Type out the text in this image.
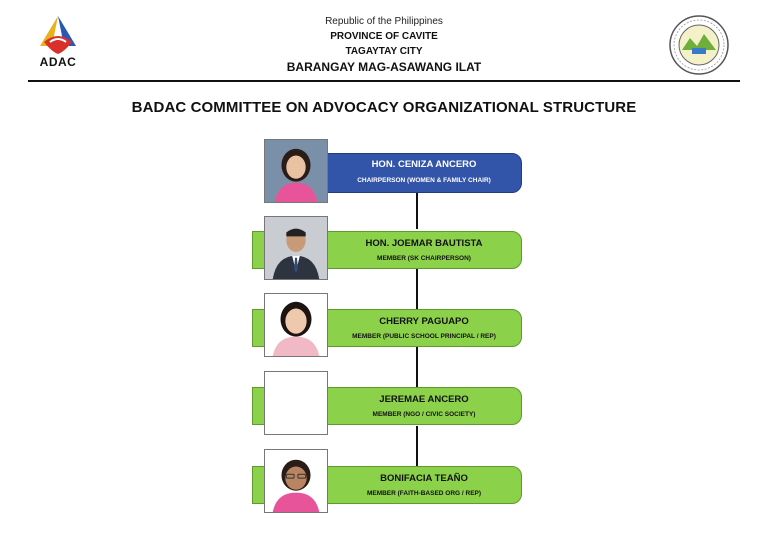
ADAC
Republic of the Philippines
PROVINCE OF CAVITE
TAGAYTAY CITY
BARANGAY MAG-ASAWANG ILAT
BADAC COMMITTEE ON ADVOCACY ORGANIZATIONAL STRUCTURE
HON. CENIZA ANCERO
CHAIRPERSON (WOMEN & FAMILY CHAIR)
HON. JOEMAR BAUTISTA
MEMBER (SK CHAIRPERSON)
CHERRY PAGUAPO
MEMBER (PUBLIC SCHOOL PRINCIPAL / REP)
JEREMAE ANCERO
MEMBER (NGO / CIVIC SOCIETY)
BONIFACIA TEAÑO
MEMBER (FAITH-BASED ORG / REP)
